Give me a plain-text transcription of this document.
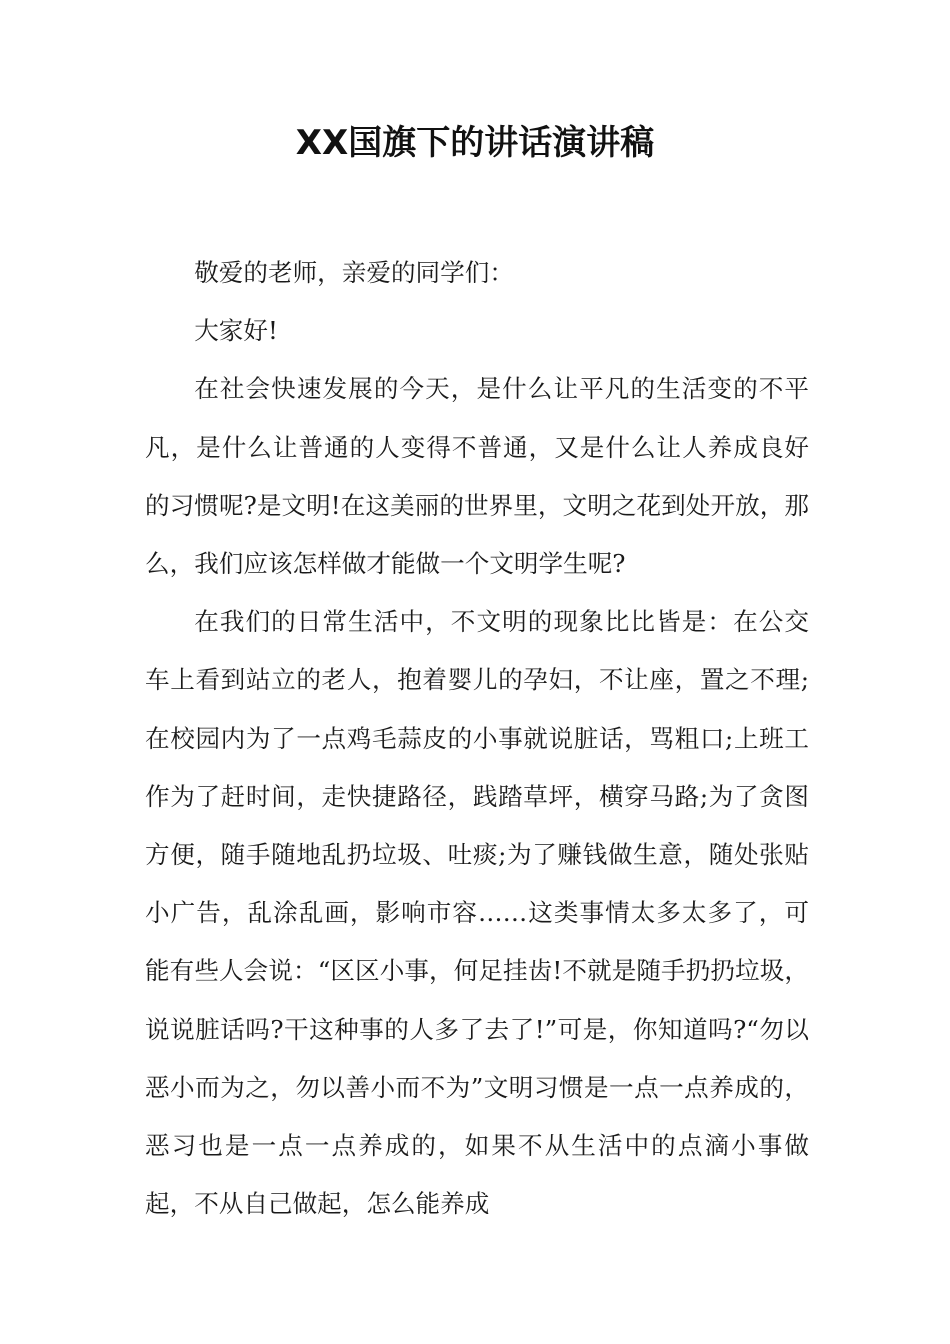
XX国旗下的讲话演讲稿

敬爱的老师，亲爱的同学们：

大家好!

在社会快速发展的今天，是什么让平凡的生活变的不平凡，是什么让普通的人变得不普通，又是什么让人养成良好的习惯呢?是文明!在这美丽的世界里，文明之花到处开放，那么，我们应该怎样做才能做一个文明学生呢?

在我们的日常生活中，不文明的现象比比皆是：在公交车上看到站立的老人，抱着婴儿的孕妇，不让座，置之不理;在校园内为了一点鸡毛蒜皮的小事就说脏话，骂粗口;上班工作为了赶时间，走快捷路径，践踏草坪，横穿马路;为了贪图方便，随手随地乱扔垃圾、吐痰;为了赚钱做生意，随处张贴小广告，乱涂乱画，影响市容……这类事情太多太多了，可能有些人会说：“区区小事，何足挂齿!不就是随手扔扔垃圾，说说脏话吗?干这种事的人多了去了!”可是，你知道吗?“勿以恶小而为之，勿以善小而不为”文明习惯是一点一点养成的，恶习也是一点一点养成的，如果不从生活中的点滴小事做起，不从自己做起，怎么能养成
